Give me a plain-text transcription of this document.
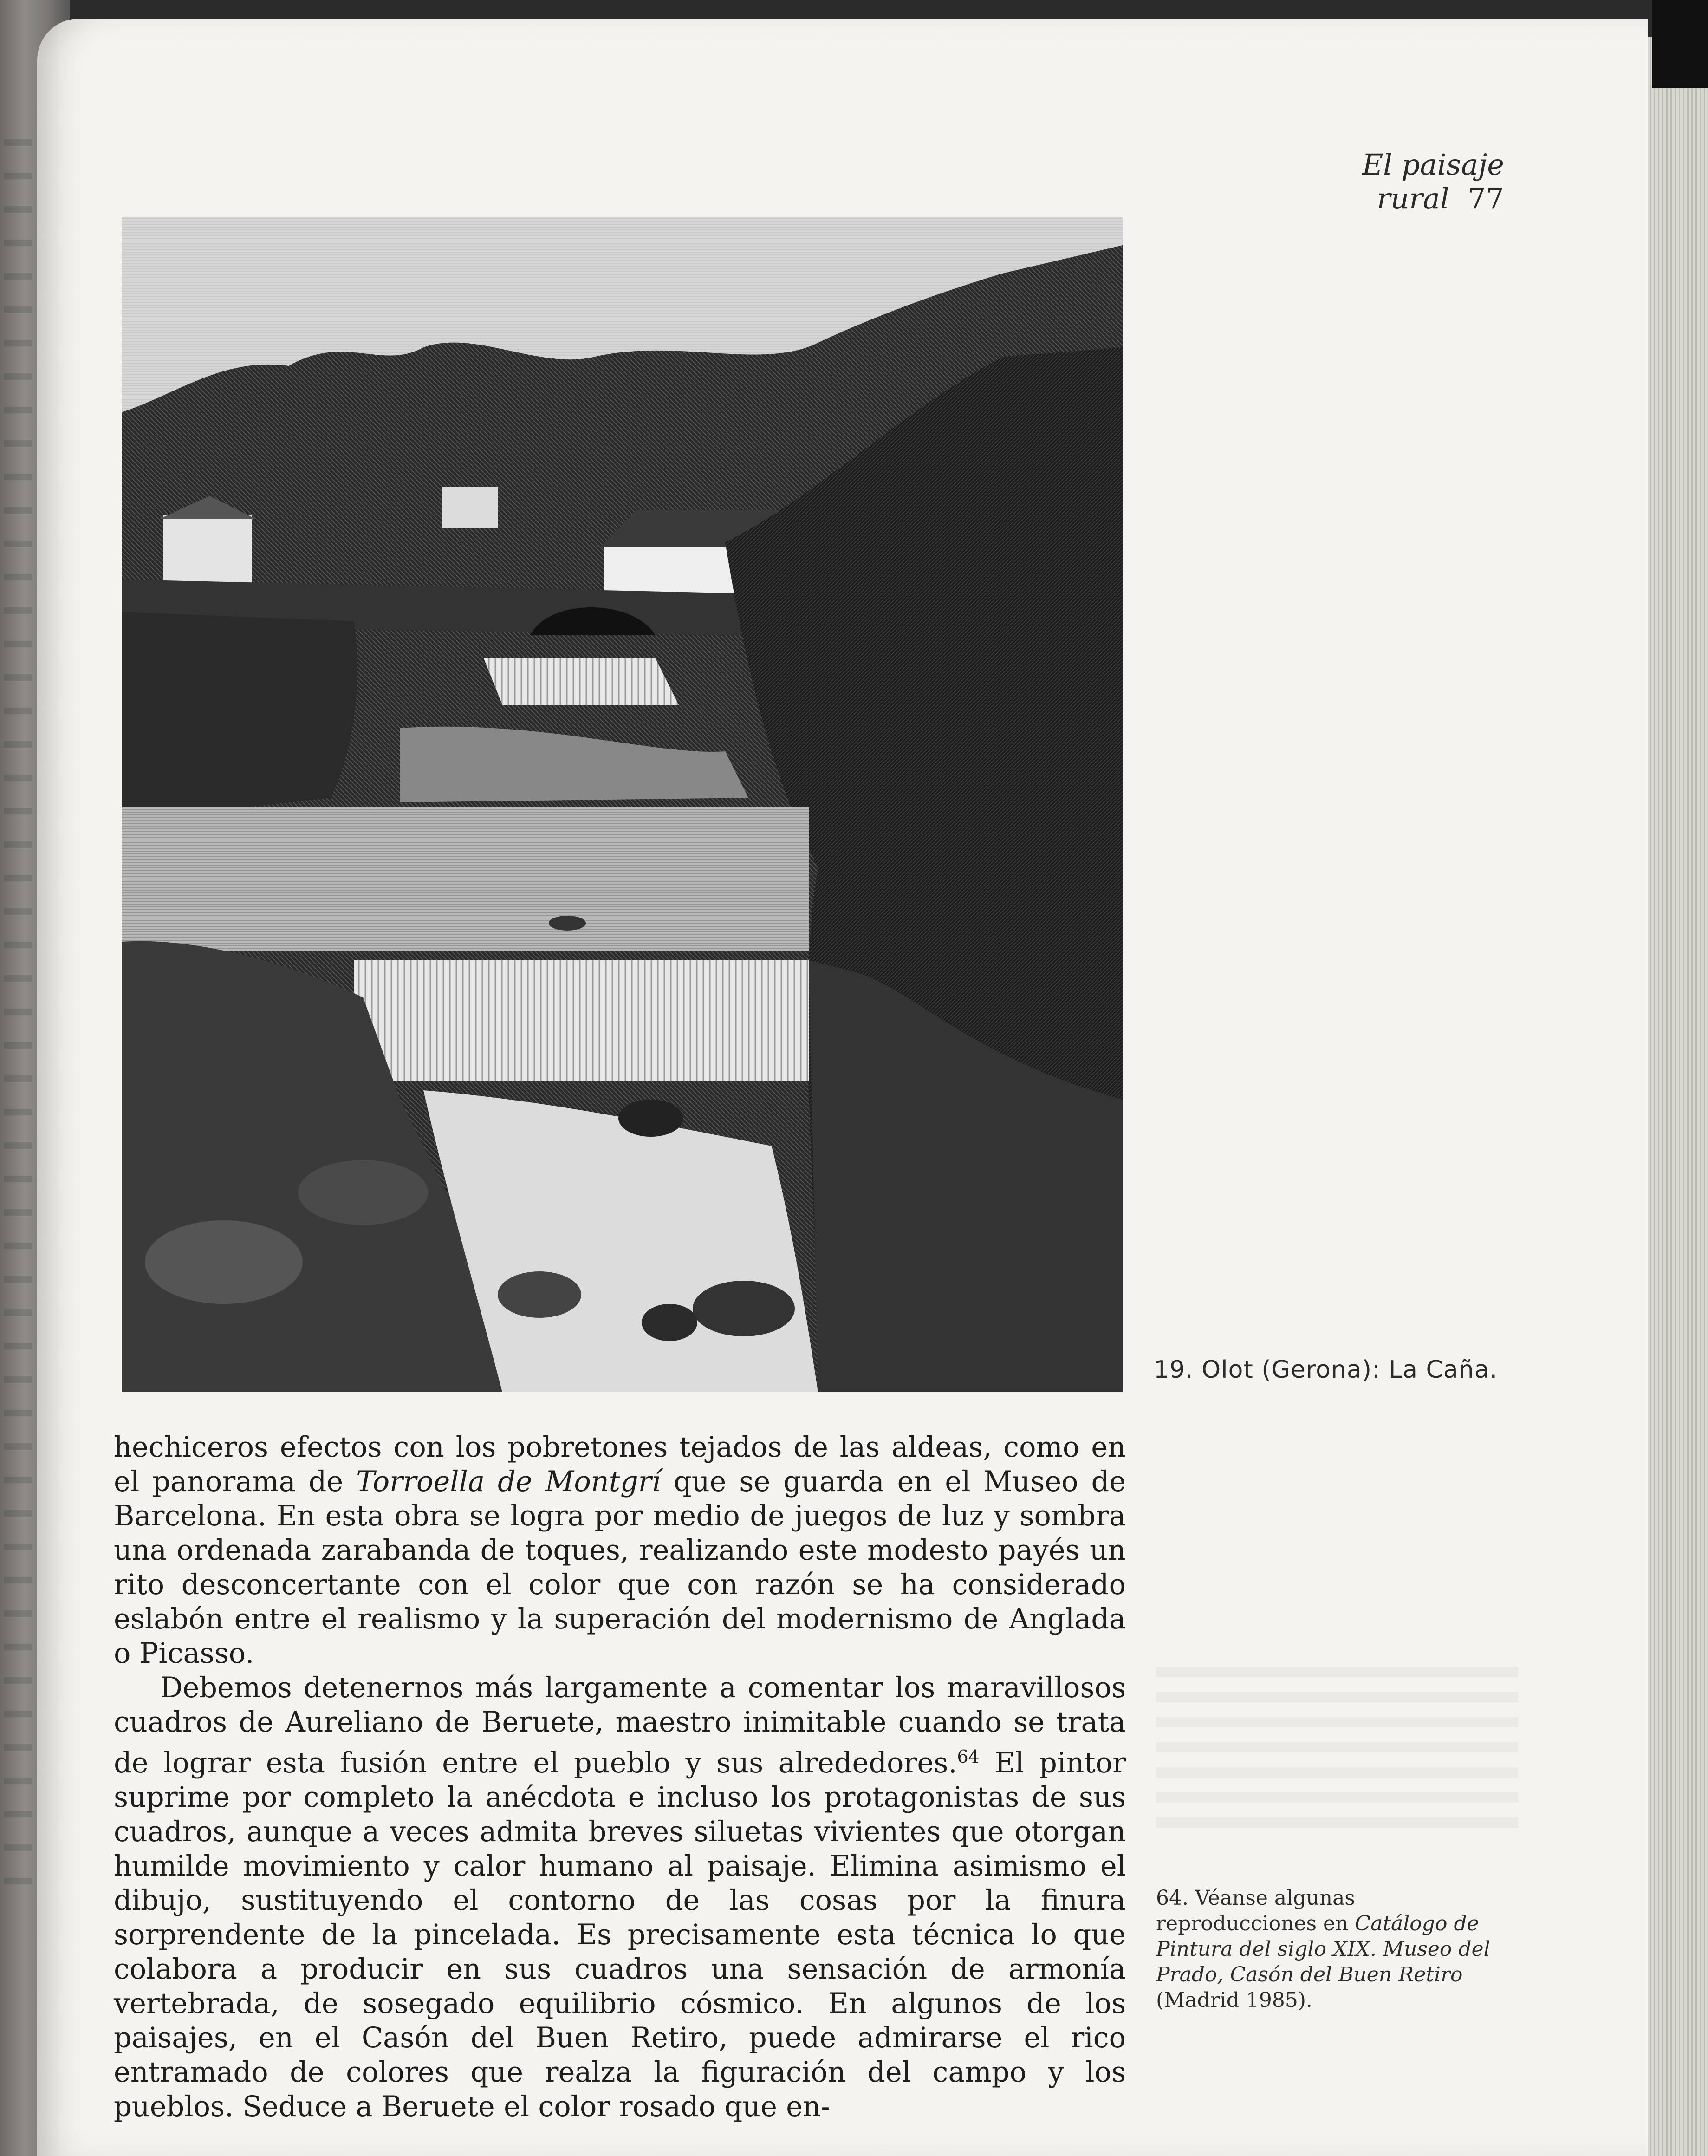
El paisaje rural 77
19. Olot (Gerona): La Caña.

hechiceros efectos con los pobretones tejados de las aldeas, como en el panorama de Torroella de Montgrí que se guarda en el Museo de Barcelona. En esta obra se logra por medio de juegos de luz y sombra una ordenada zarabanda de toques, realizando este modesto payés un rito desconcertante con el color que con razón se ha considerado eslabón entre el realismo y la superación del modernismo de Anglada o Picasso.

Debemos detenernos más largamente a comentar los maravillosos cuadros de Aureliano de Beruete, maestro inimitable cuando se trata de lograr esta fusión entre el pueblo y sus alrededores.$^{64}$ El pintor suprime por completo la anécdota e incluso los protagonistas de sus cuadros, aunque a veces admita breves siluetas vivientes que otorgan humilde movimiento y calor humano al paisaje. Elimina asimismo el dibujo, sustituyendo el contorno de las cosas por la finura sorprendente de la pincelada. Es precisamente esta técnica lo que colabora a producir en sus cuadros una sensación de armonía vertebrada, de sosegado equilibrio cósmico. En algunos de los paisajes, en el Casón del Buen Retiro, puede admirarse el rico entramado de colores que realza la figuración del campo y los pueblos. Seduce a Beruete el color rosado que en-

64. Véanse algunas reproducciones en Catálogo de Pintura del siglo XIX. Museo del Prado, Casón del Buen Retiro (Madrid 1985).
